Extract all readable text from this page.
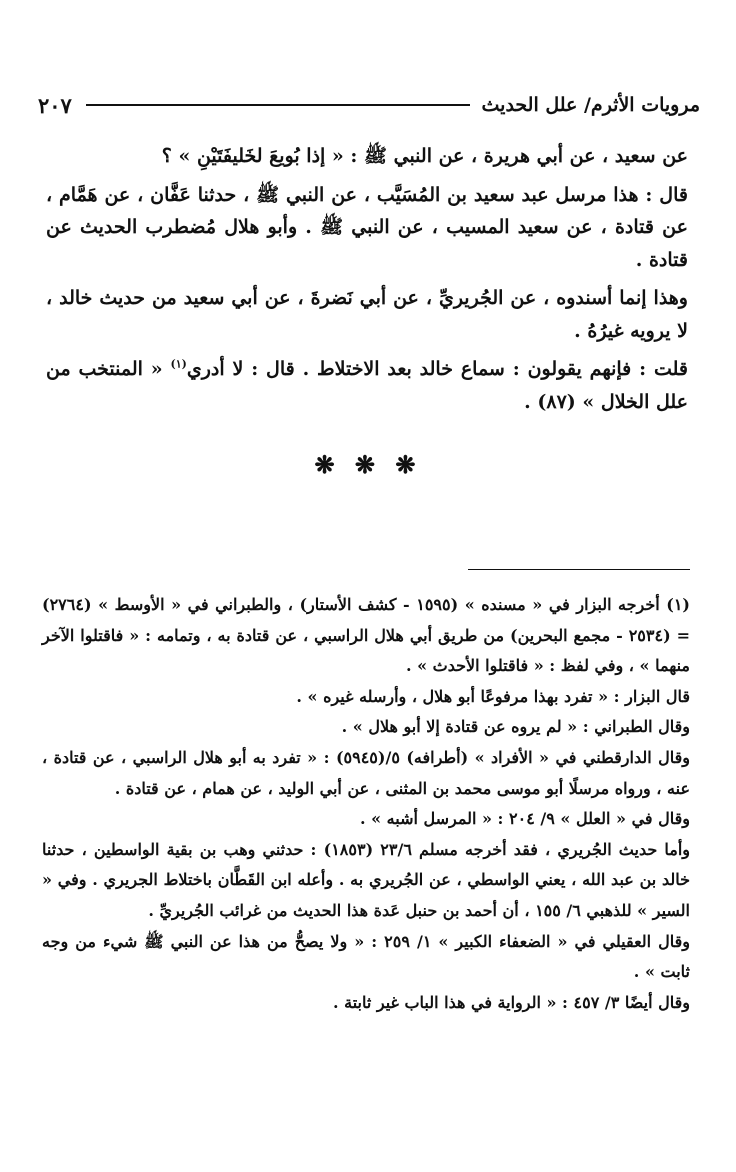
مرويات الأثرم/ علل الحديث
٢٠٧

عن سعيد ، عن أبي هريرة ، عن النبي ﷺ : « إذا بُويعَ لخَليفَتَيْنِ » ؟

قال : هذا مرسل عبد سعيد بن المُسَيَّب ، عن النبي ﷺ ، حدثنا عَفَّان ، عن هَمَّام ، عن قتادة ، عن سعيد المسيب ، عن النبي ﷺ . وأبو هلال مُضطرب الحديث عن قتادة .

وهذا إنما أسندوه ، عن الجُريريِّ ، عن أبي نَضرةَ ، عن أبي سعيد من حديث خالد ، لا يرويه غيرُهُ .

قلت : فإنهم يقولون : سماع خالد بعد الاختلاط . قال : لا أدري$^{(١)}$ « المنتخب من علل الخلال » (٨٧) .

❋ ❋ ❋

(١) أخرجه البزار في « مسنده » (١٥٩٥ - كشف الأستار) ، والطبراني في « الأوسط » (٢٧٦٤) = (٢٥٣٤ - مجمع البحرين) من طريق أبي هلال الراسبي ، عن قتادة به ، وتمامه : « فاقتلوا الآخر منهما » ، وفي لفظ : « فاقتلوا الأحدث » .

قال البزار : « تفرد بهذا مرفوعًا أبو هلال ، وأرسله غيره » .

وقال الطبراني : « لم يروه عن قتادة إلا أبو هلال » .

وقال الدارقطني في « الأفراد » (أطرافه) ٥/(٥٩٤٥) : « تفرد به أبو هلال الراسبي ، عن قتادة ، عنه ، ورواه مرسلًا أبو موسى محمد بن المثنى ، عن أبي الوليد ، عن همام ، عن قتادة .

وقال في « العلل » ٩/ ٢٠٤ : « المرسل أشبه » .

وأما حديث الجُريري ، فقد أخرجه مسلم ٢٣/٦ (١٨٥٣) : حدثني وهب بن بقية الواسطين ، حدثنا خالد بن عبد الله ، يعني الواسطي ، عن الجُريري به . وأعله ابن القَطَّان باختلاط الجريري . وفي « السير » للذهبي ٦/ ١٥٥ ، أن أحمد بن حنبل عَدة هذا الحديث من غرائب الجُريريِّ .

وقال العقيلي في « الضعفاء الكبير » ١/ ٢٥٩ : « ولا يصحُّ من هذا عن النبي ﷺ شيء من وجه ثابت » .

وقال أيضًا ٣/ ٤٥٧ : « الرواية في هذا الباب غير ثابتة .
